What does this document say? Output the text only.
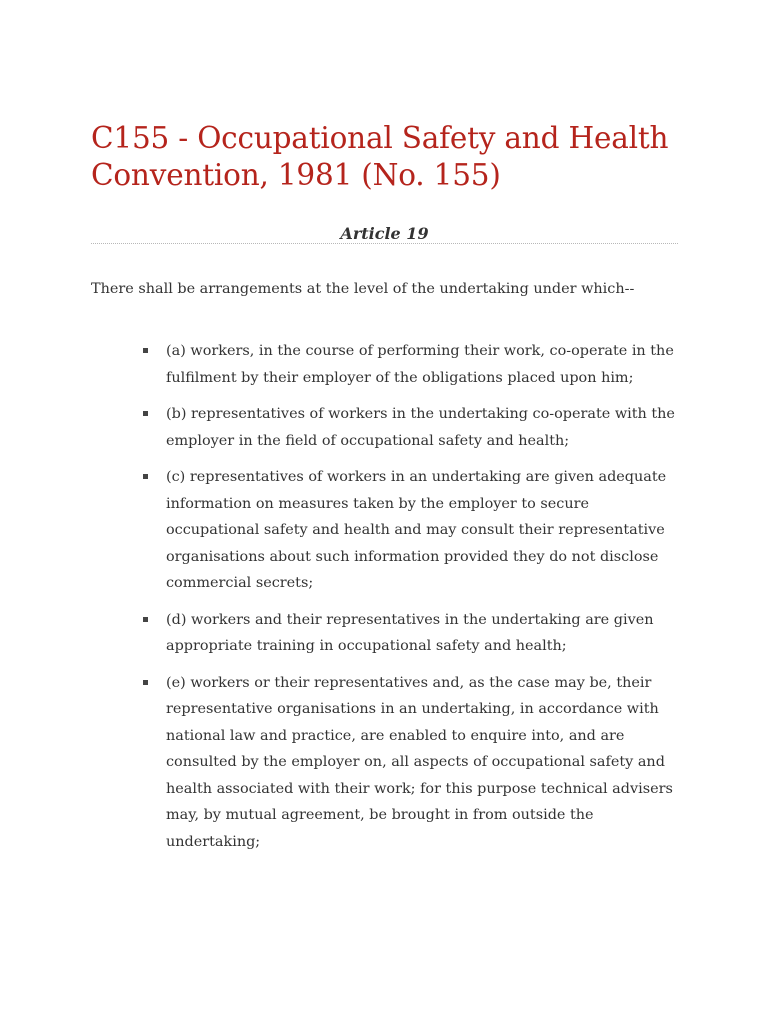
C155 - Occupational Safety and Health Convention, 1981 (No. 155)
Article 19

There shall be arrangements at the level of the undertaking under which--

(a) workers, in the course of performing their work, co-operate in the fulfilment by their employer of the obligations placed upon him;
(b) representatives of workers in the undertaking co-operate with the employer in the field of occupational safety and health;
(c) representatives of workers in an undertaking are given adequate information on measures taken by the employer to secure occupational safety and health and may consult their representative organisations about such information provided they do not disclose commercial secrets;
(d) workers and their representatives in the undertaking are given appropriate training in occupational safety and health;
(e) workers or their representatives and, as the case may be, their representative organisations in an undertaking, in accordance with national law and practice, are enabled to enquire into, and are consulted by the employer on, all aspects of occupational safety and health associated with their work; for this purpose technical advisers may, by mutual agreement, be brought in from outside the undertaking;
